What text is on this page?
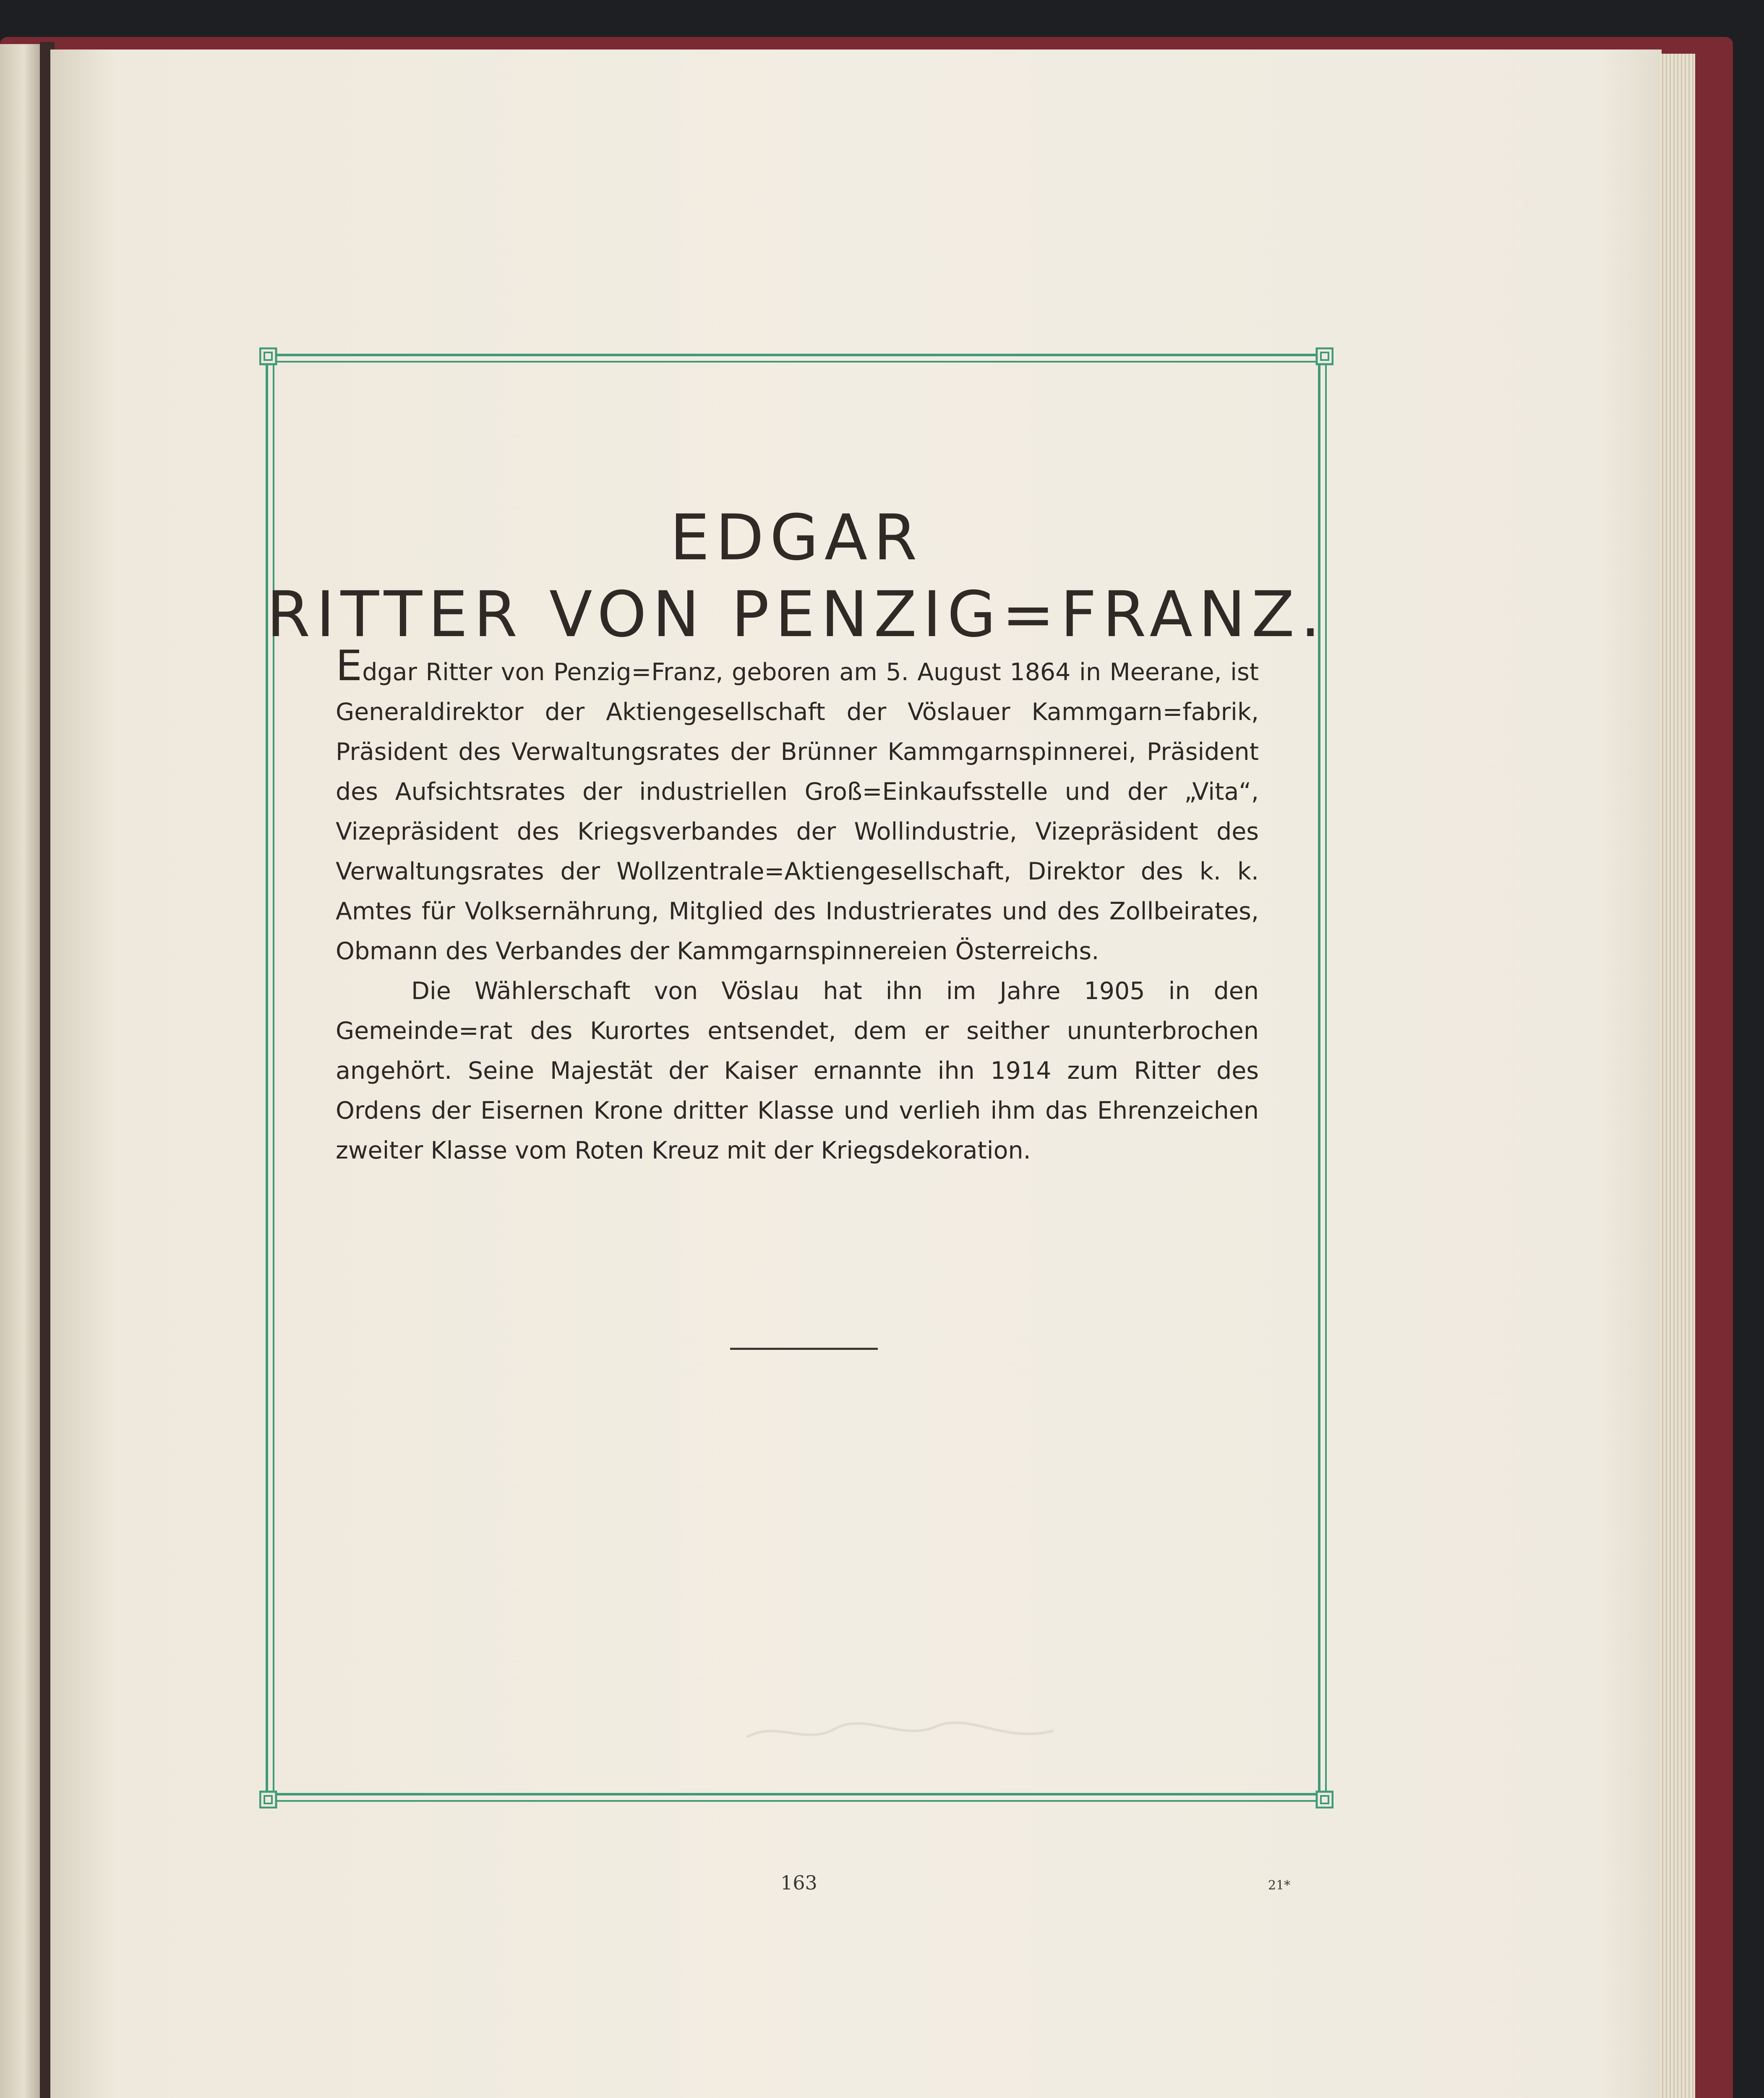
EDGAR
RITTER VON PENZIG=FRANZ.

Edgar Ritter von Penzig=Franz, geboren am 5. August 1864 in Meerane, ist Generaldirektor der Aktiengesellschaft der Vöslauer Kammgarn=fabrik, Präsident des Verwaltungsrates der Brünner Kammgarnspinnerei, Präsident des Aufsichtsrates der industriellen Groß=Einkaufsstelle und der „Vita“, Vizepräsident des Kriegsverbandes der Wollindustrie, Vizepräsident des Verwaltungsrates der Wollzentrale=Aktiengesellschaft, Direktor des k. k. Amtes für Volksernährung, Mitglied des Industrierates und des Zollbeirates, Obmann des Verbandes der Kammgarnspinnereien Österreichs.

Die Wählerschaft von Vöslau hat ihn im Jahre 1905 in den Gemeinde=rat des Kurortes entsendet, dem er seither ununterbrochen angehört. Seine Majestät der Kaiser ernannte ihn 1914 zum Ritter des Ordens der Eisernen Krone dritter Klasse und verlieh ihm das Ehrenzeichen zweiter Klasse vom Roten Kreuz mit der Kriegsdekoration.

163	21*
